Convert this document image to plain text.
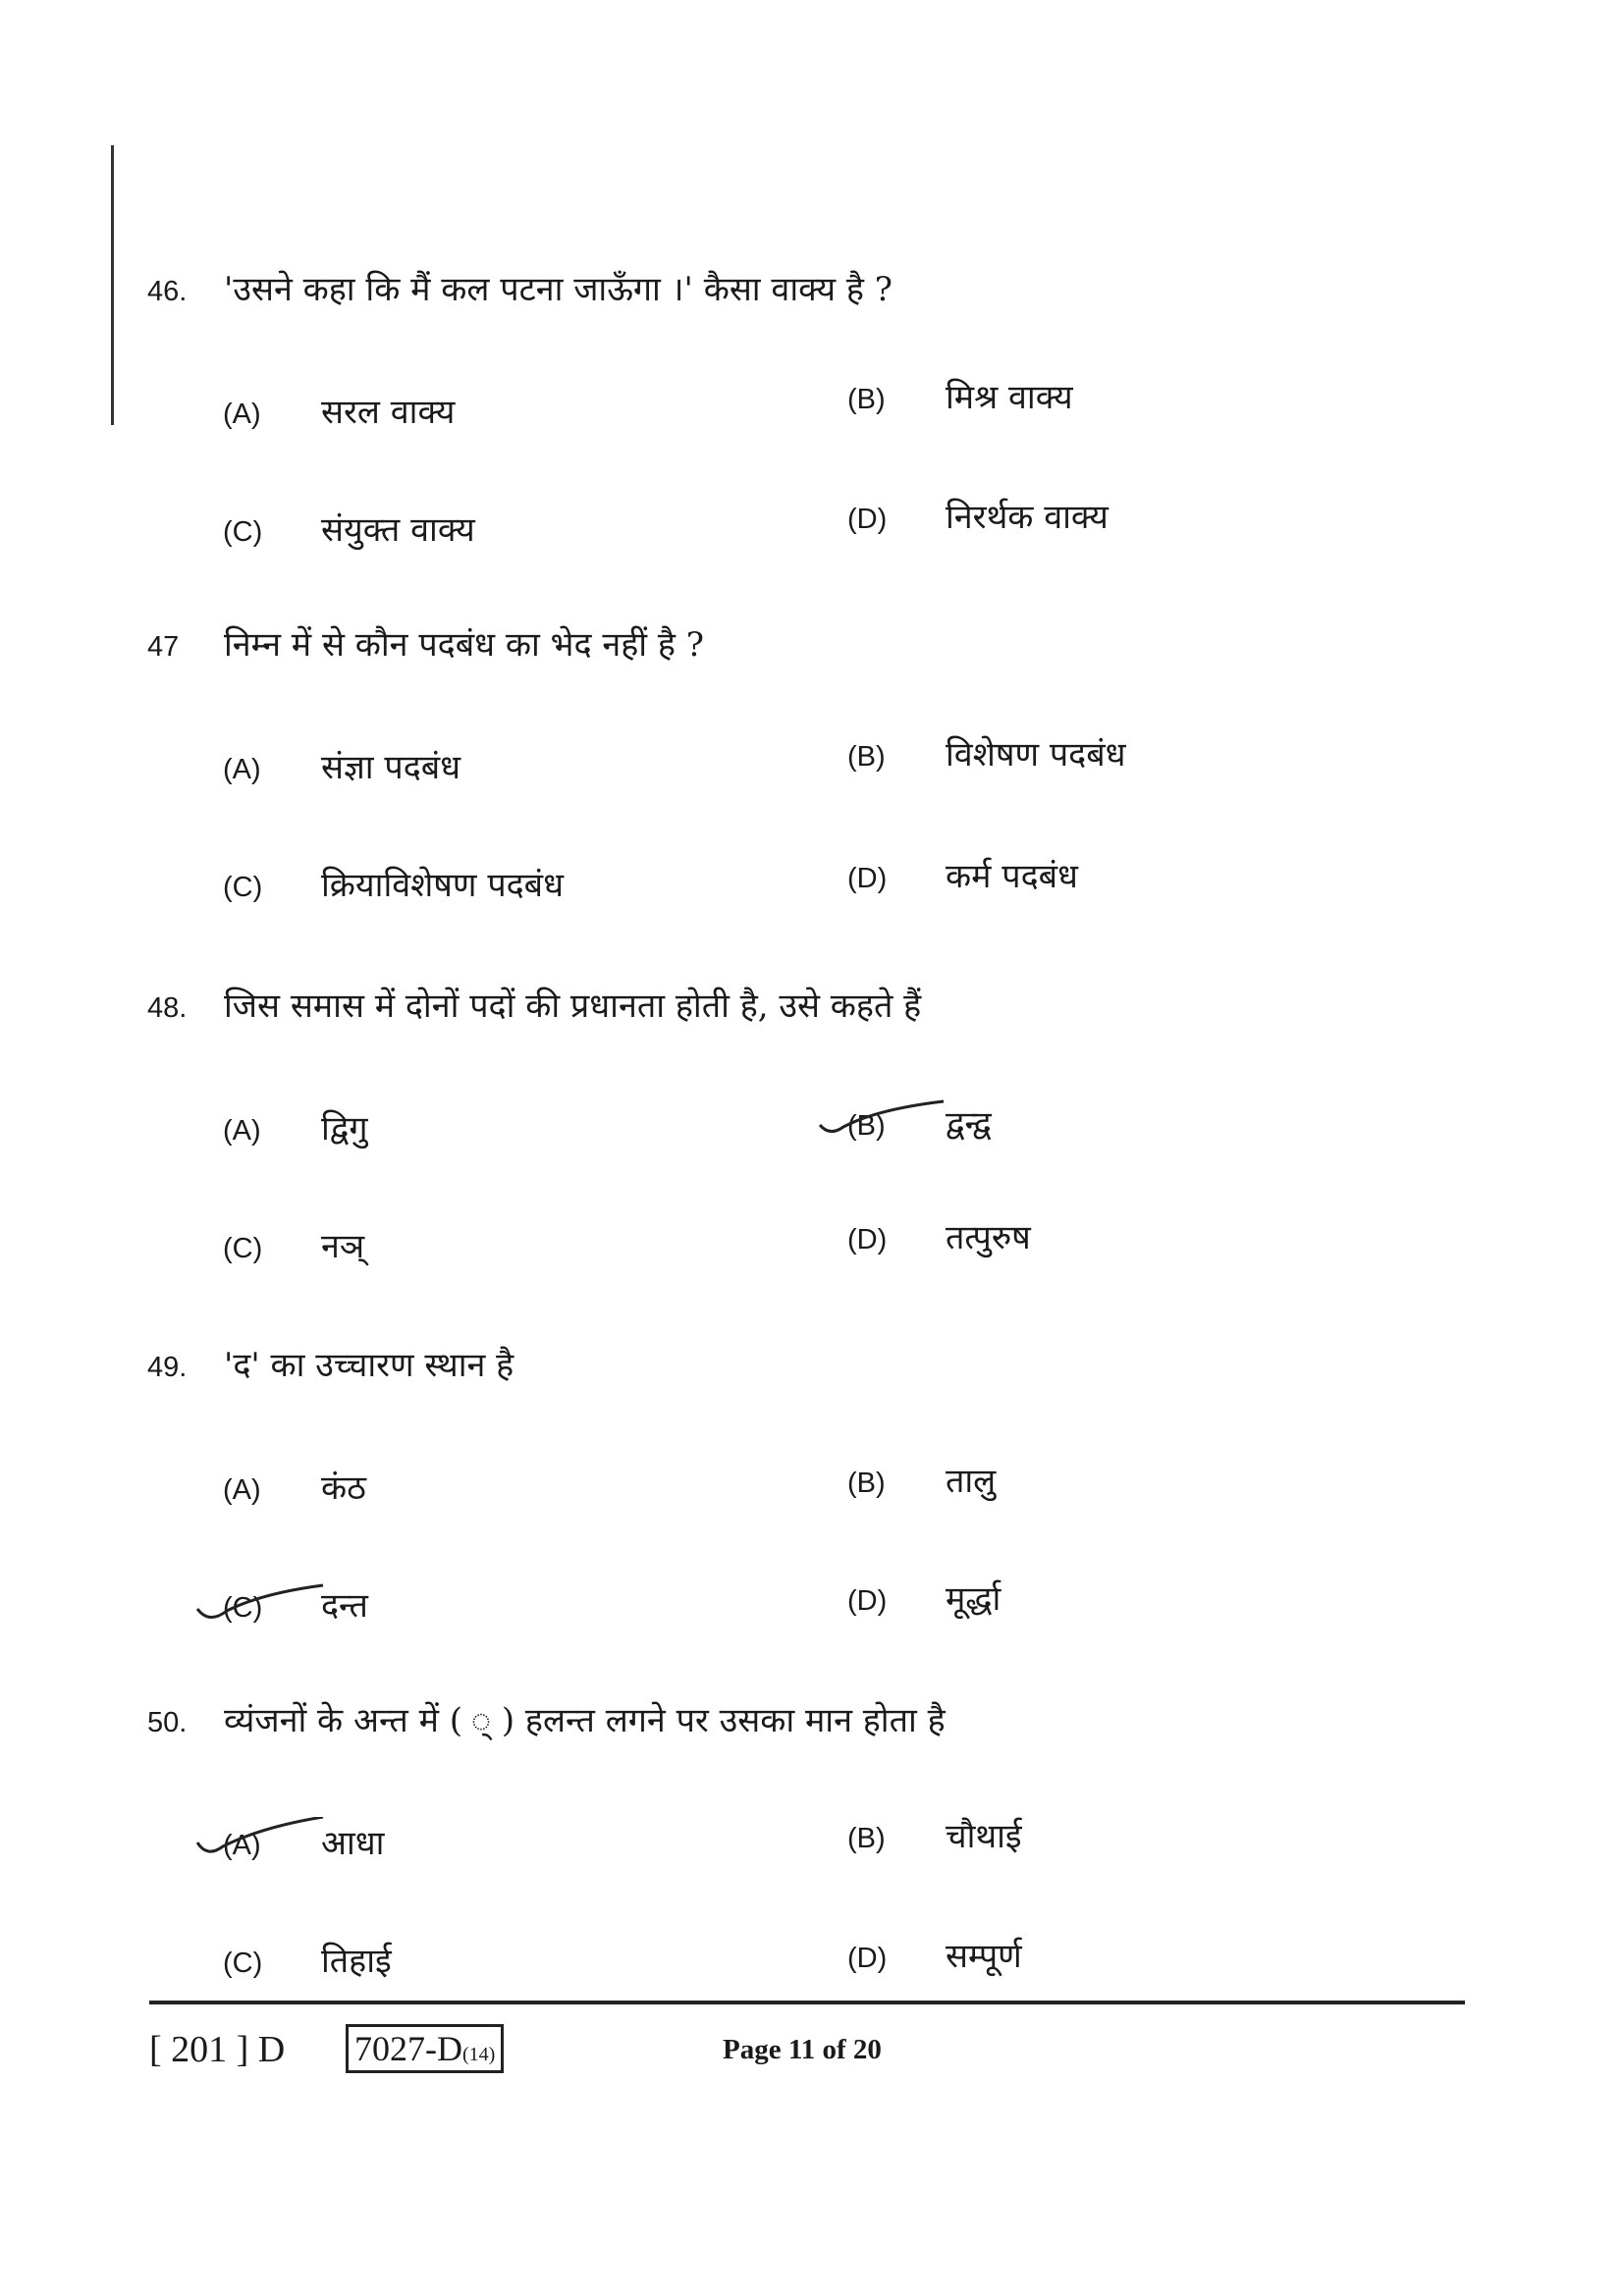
46. 'उसने कहा कि मैं कल पटना जाऊँगा ।' कैसा वाक्य है ?
(A) सरल वाक्य	(B) मिश्र वाक्य
(C) संयुक्त वाक्य	(D) निरर्थक वाक्य
47 निम्न में से कौन पदबंध का भेद नहीं है ?
(A) संज्ञा पदबंध	(B) विशेषण पदबंध
(C) क्रियाविशेषण पदबंध	(D) कर्म पदबंध
48. जिस समास में दोनों पदों की प्रधानता होती है, उसे कहते हैं
(A) द्विगु	(B) द्वन्द्व
(C) नञ्	(D) तत्पुरुष
49. 'द' का उच्चारण स्थान है
(A) कंठ	(B) तालु
(C) दन्त	(D) मूर्द्धा
50. व्यंजनों के अन्त में ( ् ) हलन्त लगने पर उसका मान होता है
(A) आधा	(B) चौथाई
(C) तिहाई	(D) सम्पूर्ण
[ 201 ] D 7027-D(14)	Page 11 of 20
